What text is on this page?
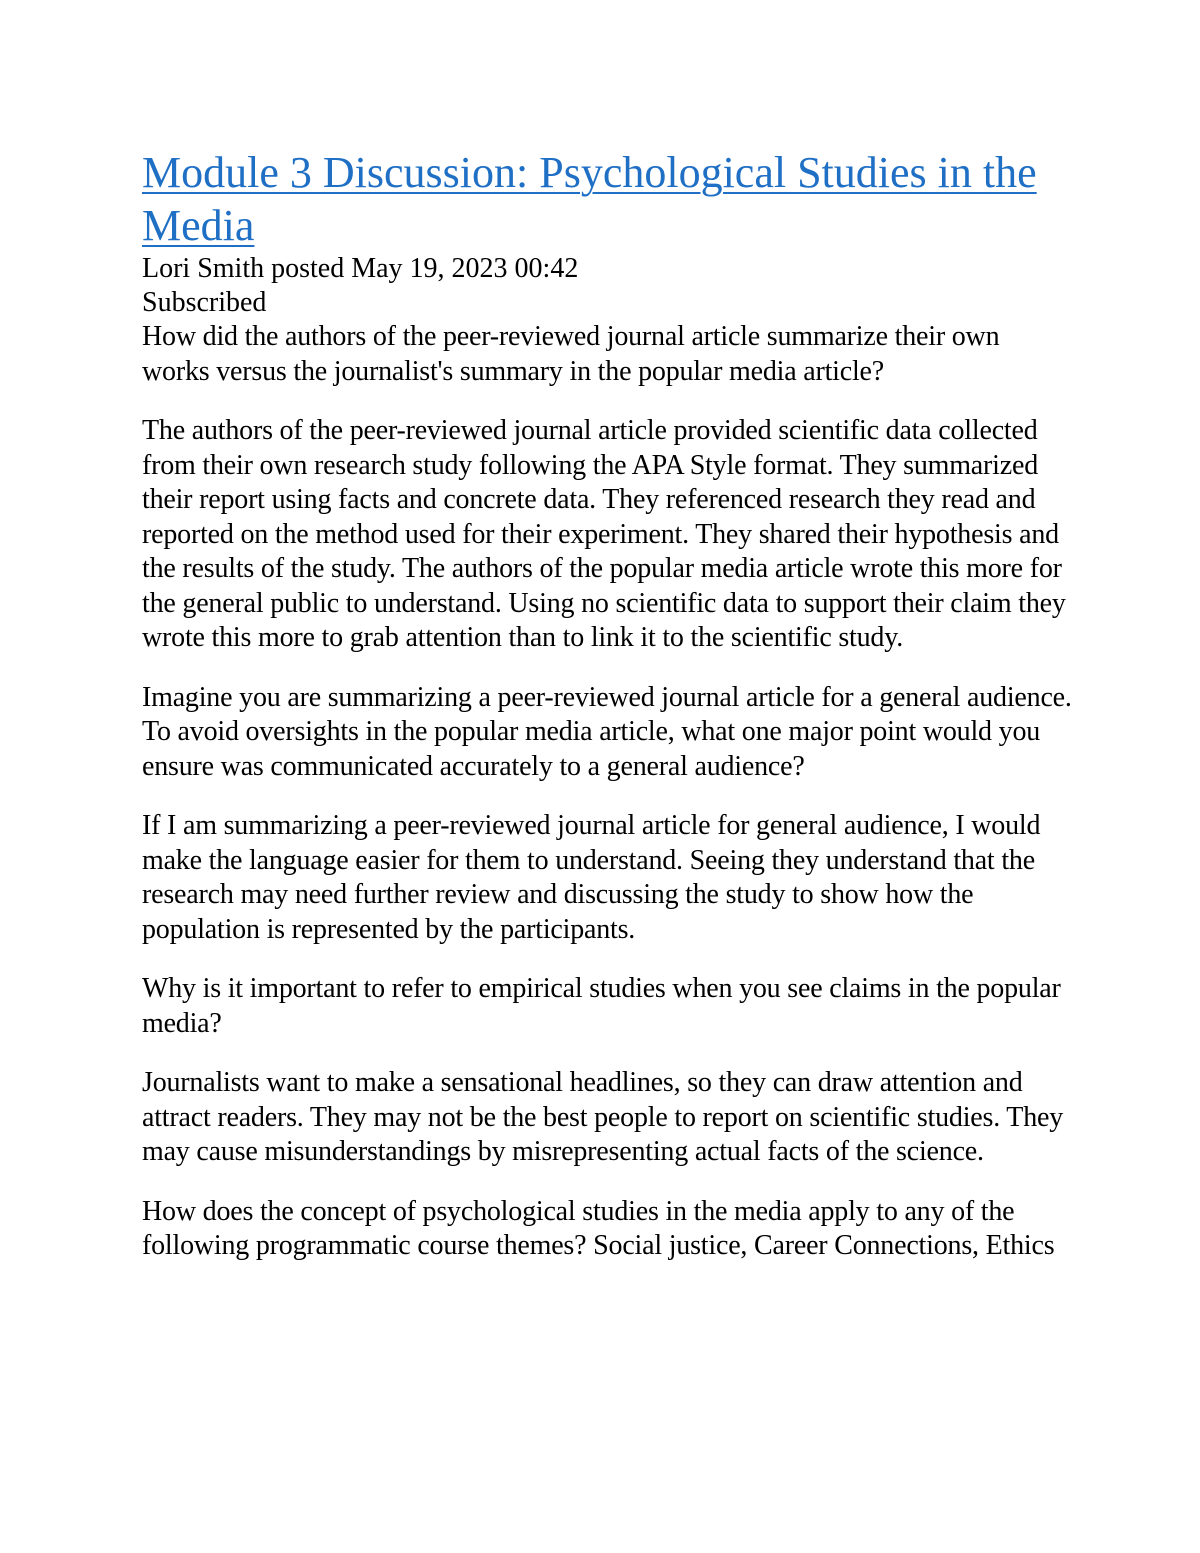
Module 3 Discussion: Psychological Studies in the Media

Lori Smith posted May 19, 2023 00:42

Subscribed

How did the authors of the peer-reviewed journal article summarize their own works versus the journalist's summary in the popular media article?

The authors of the peer-reviewed journal article provided scientific data collected from their own research study following the APA Style format. They summarized their report using facts and concrete data. They referenced research they read and reported on the method used for their experiment. They shared their hypothesis and the results of the study. The authors of the popular media article wrote this more for the general public to understand. Using no scientific data to support their claim they wrote this more to grab attention than to link it to the scientific study.

Imagine you are summarizing a peer-reviewed journal article for a general audience. To avoid oversights in the popular media article, what one major point would you ensure was communicated accurately to a general audience?

If I am summarizing a peer-reviewed journal article for general audience, I would make the language easier for them to understand. Seeing they understand that the research may need further review and discussing the study to show how the population is represented by the participants.

Why is it important to refer to empirical studies when you see claims in the popular media?

Journalists want to make a sensational headlines, so they can draw attention and attract readers. They may not be the best people to report on scientific studies. They may cause misunderstandings by misrepresenting actual facts of the science.

How does the concept of psychological studies in the media apply to any of the following programmatic course themes? Social justice, Career Connections, Ethics
